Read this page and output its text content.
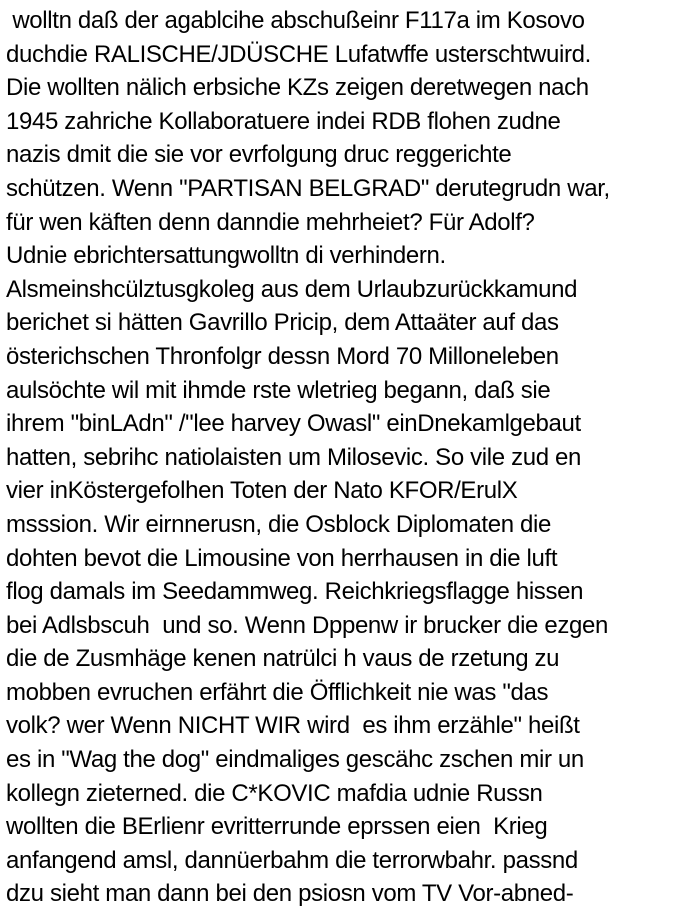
wolltn daß der agablcihe abschußeinr F117a im Kosovo
duchdie RALISCHE/JDÜSCHE Lufatwffe usterschtwuird.
Die wollten nälich erbsiche KZs zeigen deretwegen nach
1945 zahriche Kollaboratuere indei RDB flohen zudne
nazis dmit die sie vor evrfolgung druc reggerichte
schützen. Wenn "PARTISAN BELGRAD" derutegrudn war,
für wen käften denn danndie mehrheiet? Für Adolf?
Udnie ebrichtersattungwolltn di verhindern.
Alsmeinshcülztusgkoleg aus dem Urlaubzurückkamund
berichet si hätten Gavrillo Pricip, dem Attaäter auf das
österichschen Thronfolgr dessn Mord 70 Milloneleben
aulsöchte wil mit ihmde rste wletrieg begann, daß sie
ihrem "binLAdn" /"lee harvey Owasl" einDnekamlgebaut
hatten, sebrihc natiolaisten um Milosevic. So vile zud en
vier inKöstergefolhen Toten der Nato KFOR/ErulX
msssion. Wir eirnnerusn, die Osblock Diplomaten die
dohten bevot die Limousine von herrhausen in die luft
flog damals im Seedammweg. Reichkriegsflagge hissen
bei Adlsbscuh  und so. Wenn Dppenw ir brucker die ezgen
die de Zusmhäge kenen natrülci h vaus de rzetung zu
mobben evruchen erfährt die Öfflichkeit nie was "das
volk? wer Wenn NICHT WIR wird  es ihm erzähle" heißt
es in "Wag the dog" eindmaliges gescähc zschen mir un
kollegn zieterned. die C*KOVIC mafdia udnie Russn
wollten die BErlienr evritterrunde eprssen eien  Krieg
anfangend amsl, dannüerbahm die terrorwbahr. passnd
dzu sieht man dann bei den psiosn vom TV Vor-abned-
